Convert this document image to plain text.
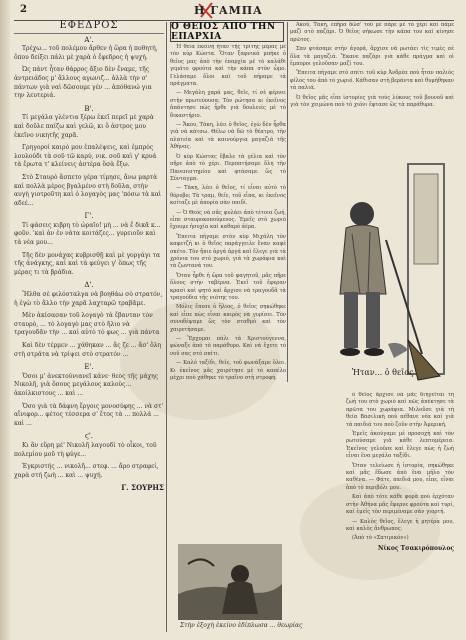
2	Η ΓΑΜΠΑ
ΕΦΕΔΡΟΣ
Α'.

Τρέχω... τοῦ πολέμου ἄρθεν ἡ ὥρα ἡ ποθητή, ὅπου δείξει πάλι μὲ χαρὰ ὁ ἔφεδρος ἡ ψυχή.

Ὡς πάντ ἦταν θάρρος ἄξιο δὲν ἔναμε, τῆς ἀντρειάδος μ' ἄλλους αγωνιζ... ἀλλὰ τὴν σ' πάντων γιὰ ναὶ δῶσουμε γέν ... ἀπόθανώ για την λευτεριά.

Β'.

Τί μεγάλα γλέντια ξέρω ἐκεῖ περεῖ μὲ χαρὰ καὶ δοῦλε παίζω καὶ γελῶ, κι ὅ ἀστρος μου ἐκεῖνο νικητῆς χαρᾶ.

Γρηγοροί καιρὸ μου ἐπαλέψεις, καὶ ἐμπρὸς λουλούδι τὰ σοῦ τῶ καρύ, νικ. σοῦ καὶ γ' κρυά τὰ ἔρωτα τ' κλείνεις ἀστέρα ὅσὰ ἕξω.

Στὸ Σταυρὸ ἄσπετο γέρα τίμησε, ἄνω μαρτὰ καὶ πολλὰ μὲρος βγαλμένο στὴ δοῦλα, στὴν αυγὴ γιοτροῦτη καὶ ὁ λογαγὸς μας 'πόσω τὰ καὶ αδεέ...

Γ'.

Τί φάσεις κιβρη τὸ ὠραῖο! μὴ ... νὰ ἔ δικᾶ κ... φοῦν. 'καὶ ἀν ἐν νάτα κοιτάζες... γυρειοῦν καὶ τὰ νέα μου...

Τῆς δὲν μονάχας κυβρισθῇ καὶ μὲ γοργάγι τα τῆς ἀνάγκης, καὶ καὶ τὰ φεύγει γ' ὅπως τῆς μέρας τι τὰ βράδια.

Δ'.

Ἥλθα σὲ φιλόσταλγα νὰ βοηθάω σὸ στρατόν, ἡ ἐγὼ τὸ ἄλλο τὴν χαρᾶ λαχταρῶ τραβᾶμε.

Μὲν ἀκίσασαν τοῦ λογαγὸ τὰ ἔβανταν τὸν σταυρὸ, ... τὸ λογαγὸ μας στὸ ἥλιο νὰ τραγουδᾶν τὴν ... καὶ αὐτὸ τὸ φως ... γιὰ πάντα

Καὶ δὲν τέρμεν ... χάθηκαν ... ἄς ζε ... ἄσ' ὅλη στὴ στράτα νὰ τρίψει στὸ στρατόν ...

Ε'.

Ὅσοι μ' ἀνεκτούνιανεῖ κάνε· θεὸς τῆς μάχης Νικολῆ, γιὰ ὅσους μεγάλους καλοὺς... ἀκοίλκιστους ... καὶ ...

Ὅσο γιὰ τὰ δάφνη ἔργοις μονοσύφης ... νὰ στ' αἴνιφορ... φέτος τέσσερα σ' ἔτος τὰ ... πολλά ... καὶ ...

ϛ'.

Κι ἂν εὕρη μὲ' Νικολῆ λαγουδὶ τὸ οἶκοι, τοῦ πολεμίου μοῦ τὴ φύγε...

Ἐγκριστής ... νικολῆ... στεφ. ... ἄρο στραφεί, χαρὰ στὴ ζωὴ ... καὶ ... ψυχή.

Γ. ΣΟΥΡΗΣ
Ο ΘΕΙΟΣ ΑΠΟ ΤΗΝ ΕΠΑΡΧΙΑ

Ἡ θεία ἐκείνη ἦταν τῆς τρίτης μέρας μὲ τὸν κὺρ Κώστα. Ὅταν ξαφνικά μπήκε ὁ θεῖος μας ἀπὸ τὴν ἐπαρχία μὲ τὸ καλάθι γεμάτο φρούτα καὶ τὴν κάπα στὸν ὦμο. Γελάσαμε ὅλοι καὶ τοῦ πήραμε τὰ πράγματα.

— Μεγάλη χαρά μας, θεῖε, τί σὲ φέρνει στὴν πρωτεύουσα; Τὸν ρώτησα κι ἐκεῖνος ἀπάντησε πὼς ἦρθε γιὰ δουλειές μὲ τὸ δικαστήριο.

— Ἄκου, Τάκη, λέει ὁ θεῖος, ἐγὼ δὲν ἦρθα γιὰ νὰ κάτσω. Θέλω νὰ δῶ τὸ θέατρο, τὴν πλατεία καὶ τὰ καινούργια μαγαζιά τῆς Ἀθήνας.

Ὁ κὺρ Κώστας ἔβαλε τὰ γέλια καὶ τὸν πῆρε ἀπὸ τὸ χέρι. Περπατήσαμε ὅλη τὴν Πανεπιστημίου καὶ φτάσαμε ὣς τὸ Σύνταγμα.

— Τάκη, λέει ὁ θεῖος, τί εἶναι αὐτὸ τὸ θόρυβο; Τὰ τραμ, θεῖε, τοῦ εἶπα, κι ἐκεῖνος κοίταζε μὲ ἀπορία σὰν παιδί.

— Ὁ Θεός νὰ σᾶς φυλάει ἀπὸ τέτοια ζωή, εἶπε σταυροκοπούμενος. Ἐμεῖς στὸ χωριὸ ἔχουμε ἡσυχία καὶ καθαρὸ ἀέρα.

Ἔπειτα πήγαμε στὸν κὺρ Μιχάλη τὸν καφετζή κι ὁ θεῖος παράγγειλε ἕναν καφὲ σκέτο. Τὸν ἤπιε ἀργά ἀργά καὶ ἔλεγε γιὰ τὰ χρόνια του στὸ χωριό, γιὰ τὰ χωράφια καὶ τὰ ζωντανά του.

Ὅταν ἦρθε ἡ ὥρα τοῦ φαγητοῦ, μᾶς πῆρε ὅλους στὴν ταβέρνα. Ἐκεῖ τοῦ ἔφεραν κρασὶ καὶ ψητό καὶ ἄρχισε νὰ τραγουδᾶ τὰ τραγούδια τῆς νιότης του.

Μόλις ἔπεσε ὁ ἥλιος, ὁ θεῖος σηκώθηκε καὶ εἶπε πὼς εἶναι καιρὸς νὰ γυρίσει. Τὸν συνοδέψαμε ὣς τὸν σταθμὸ καὶ τὸν χαιρετήσαμε.

— Ἔρχομαι πάλι τὰ Χριστούγεννα, φώναξε ἀπὸ τὸ παράθυρο. Καὶ νὰ ἔχετε τὸ νοῦ σας στὸ σπίτι.

— Καλό ταξίδι, θεῖε, τοῦ φωνάξαμε ὅλοι. Κι ἐκεῖνος μᾶς χαιρέτησε μὲ τὸ καπέλο μέχρι ποὺ χάθηκε τὸ τραῖνο στὴ στροφή.

Ἀκοῦ, Τάκη, ἐπῆρα δῶσ' τοῦ μὲ πάρε μὲ τὸ χέρι καὶ πάμε μαζὶ στὸ παζάρι. Ὁ θεῖος σήκωσε τὴν κάπα του καὶ κίνησε πρῶτος.

Σαν φτάσαμε στὴν ἀγορά, ἄρχισε νὰ ρωτάει τὶς τιμὲς σὲ ὅλα τὰ μαγαζιά. Ἔκανε παζάρι γιὰ κάθε πράγμα καὶ οἱ ἔμποροι γελοῦσαν μαζί του.

Ἔπειτα πήγαμε στὸ σπίτι τοῦ κὺρ Ἀνδρέα ποὺ ἦταν παλιὸς φίλος του ἀπὸ τὸ χωριό. Κάθισαν στὴ βεράντα καὶ θυμήθηκαν τὰ παλιά.

Ὁ θεῖος μᾶς εἶπε ἱστορίες γιὰ τοὺς λύκους τοῦ βουνοῦ καὶ γιὰ τὸν χειμώνα ποὺ τὸ χιόνι ἔφτασε ὣς τὰ παράθυρα.

Ἡταν... ὁ θεῖος

ὁ θεῖος ἄρχισε νὰ μᾶς διηγεῖται τὴ ζωὴ του στὸ χωριὸ καὶ πῶς ἀπέκτησε τὰ πρῶτα του χωράφια. Μιλοῦσε γιὰ τὴ θεία Βασιλικὴ ποὺ πέθανε νέα καὶ γιὰ τὰ παιδιά του ποὺ ζοῦν στὴν Ἀμερική.

Ἐμεῖς ἀκούγαμε μὲ προσοχὴ καὶ τὸν ρωτούσαμε γιὰ κάθε λεπτομέρεια. Ἐκεῖνος γελοῦσε καὶ ἔλεγε πὼς ἡ ζωὴ εἶναι ἕνα μεγάλο ταξίδι.

Ὅταν τελείωσε ἡ ἱστορία, σηκώθηκε καὶ μᾶς ἔδωσε ἀπὸ ἕνα μήλο τὸν καθένα. — Φάτε, παιδιά μου, εἶπε, εἶναι ἀπὸ τὸ περιβόλι μου.

Καὶ ἀπὸ τότε κάθε φορὰ ποὺ ἐρχόταν στὴν Ἀθήνα μᾶς ἔφερνε φρούτα καὶ τυρί, καὶ ἐμεῖς τὸν περιμέναμε σὰν γιορτή.

— Καλὸς θεῖος, ἔλεγε ἡ μητέρα μου, καὶ καλὸς ἄνθρωπος.

(Ἀπὸ τὸ «Σατιρικόν»)

Νίκος Τσακιρόπουλος
Στὴν ἐξοχὴ ἐκείνο ἐδίπλωσα ... θεωρίας
